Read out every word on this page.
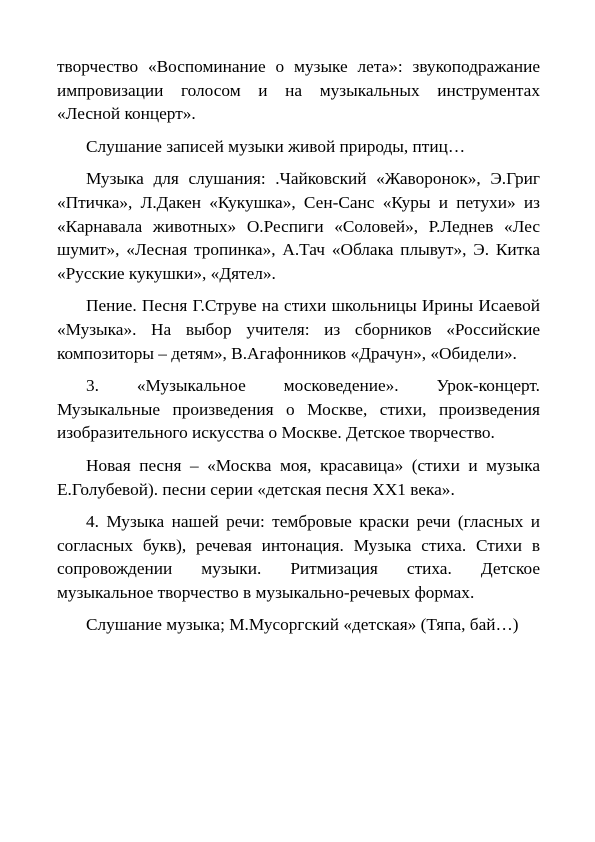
творчество «Воспоминание о музыке лета»: звукоподражание импровизации голосом и на музыкальных инструментах «Лесной концерт».

Слушание записей музыки живой природы, птиц…

Музыка для слушания: .Чайковский «Жаворонок», Э.Григ «Птичка», Л.Дакен «Кукушка», Сен-Санс «Куры и петухи» из «Карнавала животных» О.Респиги «Соловей», Р.Леднев «Лес шумит», «Лесная тропинка», А.Тач «Облака плывут», Э. Китка «Русские кукушки», «Дятел».

Пение. Песня Г.Струве на стихи школьницы Ирины Исаевой «Музыка». На выбор учителя: из сборников «Российские композиторы – детям», В.Агафонников «Драчун», «Обидели».

3. «Музыкальное московедение». Урок-концерт. Музыкальные произведения о Москве, стихи, произведения изобразительного искусства о Москве. Детское творчество.

Новая песня – «Москва моя, красавица» (стихи и музыка Е.Голубевой). песни серии «детская песня ХХ1 века».

4. Музыка нашей речи: тембровые краски речи (гласных и согласных букв), речевая интонация. Музыка стиха. Стихи в сопровождении музыки. Ритмизация стиха. Детское музыкальное творчество в музыкально-речевых формах.

Слушание музыка; М.Мусоргский «детская» (Тяпа, бай…)
